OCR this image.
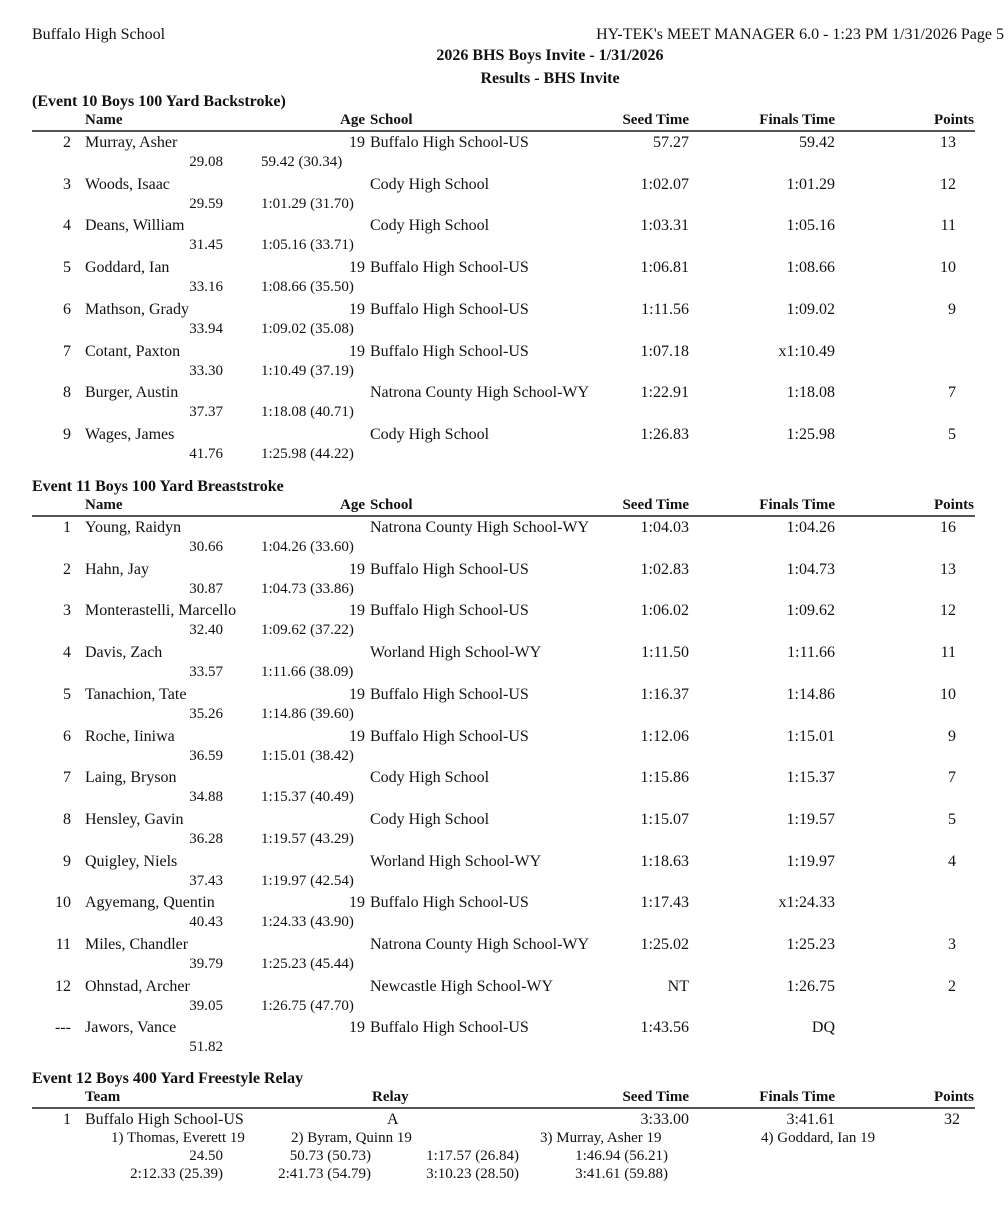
Buffalo High School	HY-TEK's MEET MANAGER 6.0 - 1:23 PM 1/31/2026 Page 5
2026 BHS Boys Invite - 1/31/2026
Results - BHS Invite
(Event 10 Boys 100 Yard Backstroke)
Name	Age School	Seed Time	Finals Time	Points
2 Murray, Asher	19 Buffalo High School-US	57.27	59.42	13
29.08	59.42 (30.34)
3 Woods, Isaac	Cody High School	1:02.07	1:01.29	12
29.59	1:01.29 (31.70)
4 Deans, William	Cody High School	1:03.31	1:05.16	11
31.45	1:05.16 (33.71)
5 Goddard, Ian	19 Buffalo High School-US	1:06.81	1:08.66	10
33.16	1:08.66 (35.50)
6 Mathson, Grady	19 Buffalo High School-US	1:11.56	1:09.02	9
33.94	1:09.02 (35.08)
7 Cotant, Paxton	19 Buffalo High School-US	1:07.18	x1:10.49
33.30	1:10.49 (37.19)
8 Burger, Austin	Natrona County High School-WY	1:22.91	1:18.08	7
37.37	1:18.08 (40.71)
9 Wages, James	Cody High School	1:26.83	1:25.98	5
41.76	1:25.98 (44.22)
Event 11 Boys 100 Yard Breaststroke
Name	Age School	Seed Time	Finals Time	Points
1 Young, Raidyn	Natrona County High School-WY	1:04.03	1:04.26	16
30.66	1:04.26 (33.60)
2 Hahn, Jay	19 Buffalo High School-US	1:02.83	1:04.73	13
30.87	1:04.73 (33.86)
3 Monterastelli, Marcello	19 Buffalo High School-US	1:06.02	1:09.62	12
32.40	1:09.62 (37.22)
4 Davis, Zach	Worland High School-WY	1:11.50	1:11.66	11
33.57	1:11.66 (38.09)
5 Tanachion, Tate	19 Buffalo High School-US	1:16.37	1:14.86	10
35.26	1:14.86 (39.60)
6 Roche, Iiniwa	19 Buffalo High School-US	1:12.06	1:15.01	9
36.59	1:15.01 (38.42)
7 Laing, Bryson	Cody High School	1:15.86	1:15.37	7
34.88	1:15.37 (40.49)
8 Hensley, Gavin	Cody High School	1:15.07	1:19.57	5
36.28	1:19.57 (43.29)
9 Quigley, Niels	Worland High School-WY	1:18.63	1:19.97	4
37.43	1:19.97 (42.54)
10 Agyemang, Quentin	19 Buffalo High School-US	1:17.43	x1:24.33
40.43	1:24.33 (43.90)
11 Miles, Chandler	Natrona County High School-WY	1:25.02	1:25.23	3
39.79	1:25.23 (45.44)
12 Ohnstad, Archer	Newcastle High School-WY	NT	1:26.75	2
39.05	1:26.75 (47.70)
--- Jawors, Vance	19 Buffalo High School-US	1:43.56	DQ
51.82
Event 12 Boys 400 Yard Freestyle Relay
Team	Relay	Seed Time	Finals Time	Points
1 Buffalo High School-US	A	3:33.00	3:41.61	32
1) Thomas, Everett 19	2) Byram, Quinn 19	3) Murray, Asher 19	4) Goddard, Ian 19
24.50	50.73 (50.73)	1:17.57 (26.84)	1:46.94 (56.21)
2:12.33 (25.39)	2:41.73 (54.79)	3:10.23 (28.50)	3:41.61 (59.88)
